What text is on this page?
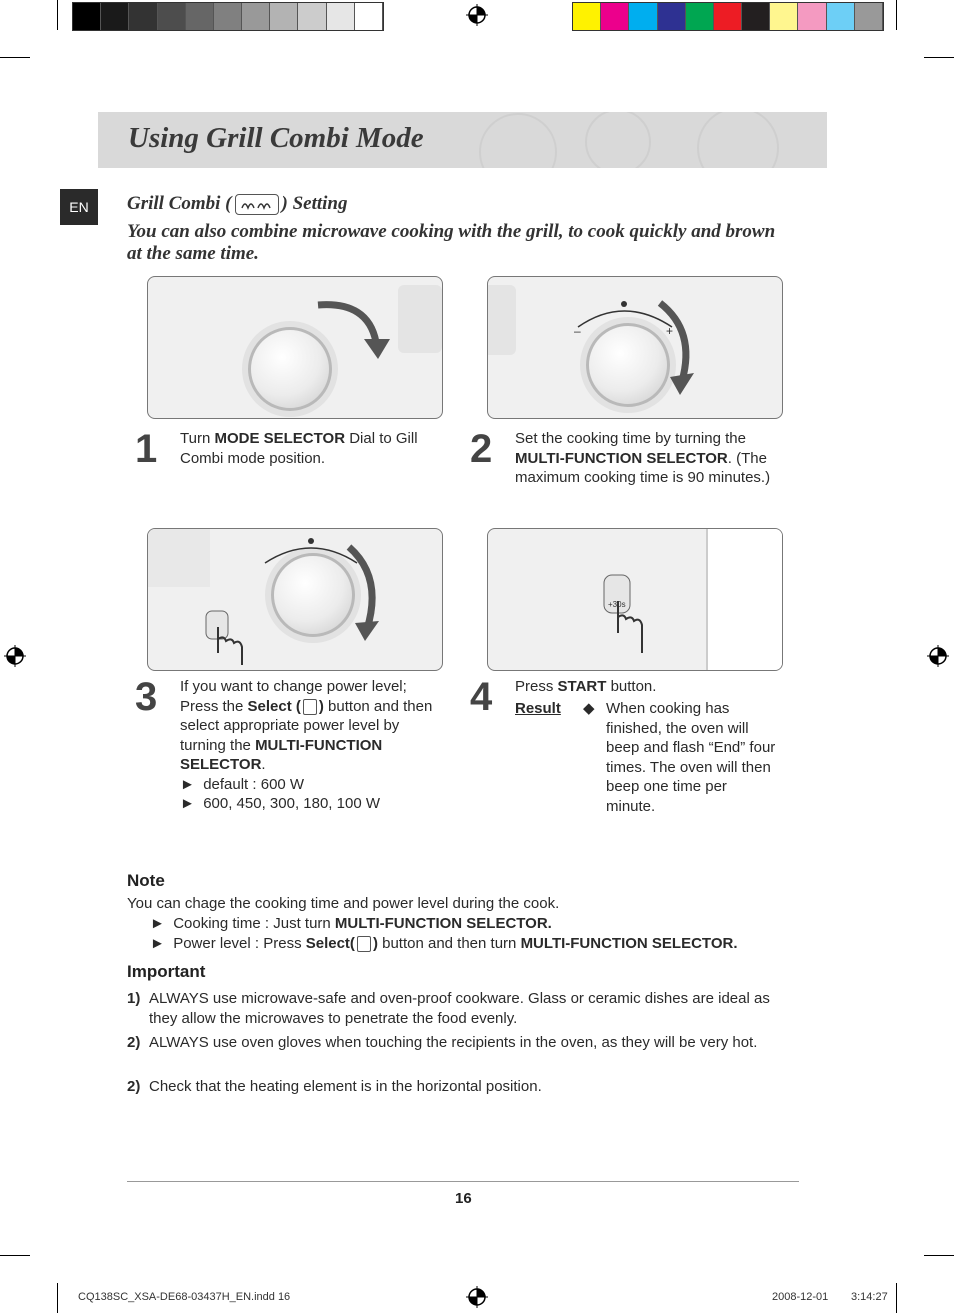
Using Grill Combi Mode
EN	Grill Combi (	) Setting
You can also combine microwave cooking with the grill, to cook quickly and brown at the same time.
1 Turn MODE SELECTOR Dial to Gill Combi mode position.
–	+
2 Set the cooking time by turning the MULTI-FUNCTION SELECTOR. (The maximum cooking time is 90 minutes.)
3 If you want to change power level;
Press the Select ( ) button and then select appropriate power level by turning the MULTI-FUNCTION SELECTOR.
►  default : 600 W
►  600, 450, 300, 180, 100 W
+30s
4 Press START button.
Result ◆ When cooking has finished, the oven will beep and flash “End” four times. The oven will then beep one time per minute.
Note
You can chage the cooking time and power level during the cook.
►  Cooking time : Just turn MULTI-FUNCTION SELECTOR.
►  Power level : Press Select( ) button and then turn MULTI-FUNCTION SELECTOR.
Important
1) ALWAYS use microwave-safe and oven-proof cookware. Glass or ceramic dishes are ideal as they allow the microwaves to penetrate the food evenly.
2) ALWAYS use oven gloves when touching the recipients in the oven, as they will be very hot.
2) Check that the heating element is in the horizontal position.
16
CQ138SC_XSA-DE68-03437H_EN.indd 16	2008-12-01 3:14:27
